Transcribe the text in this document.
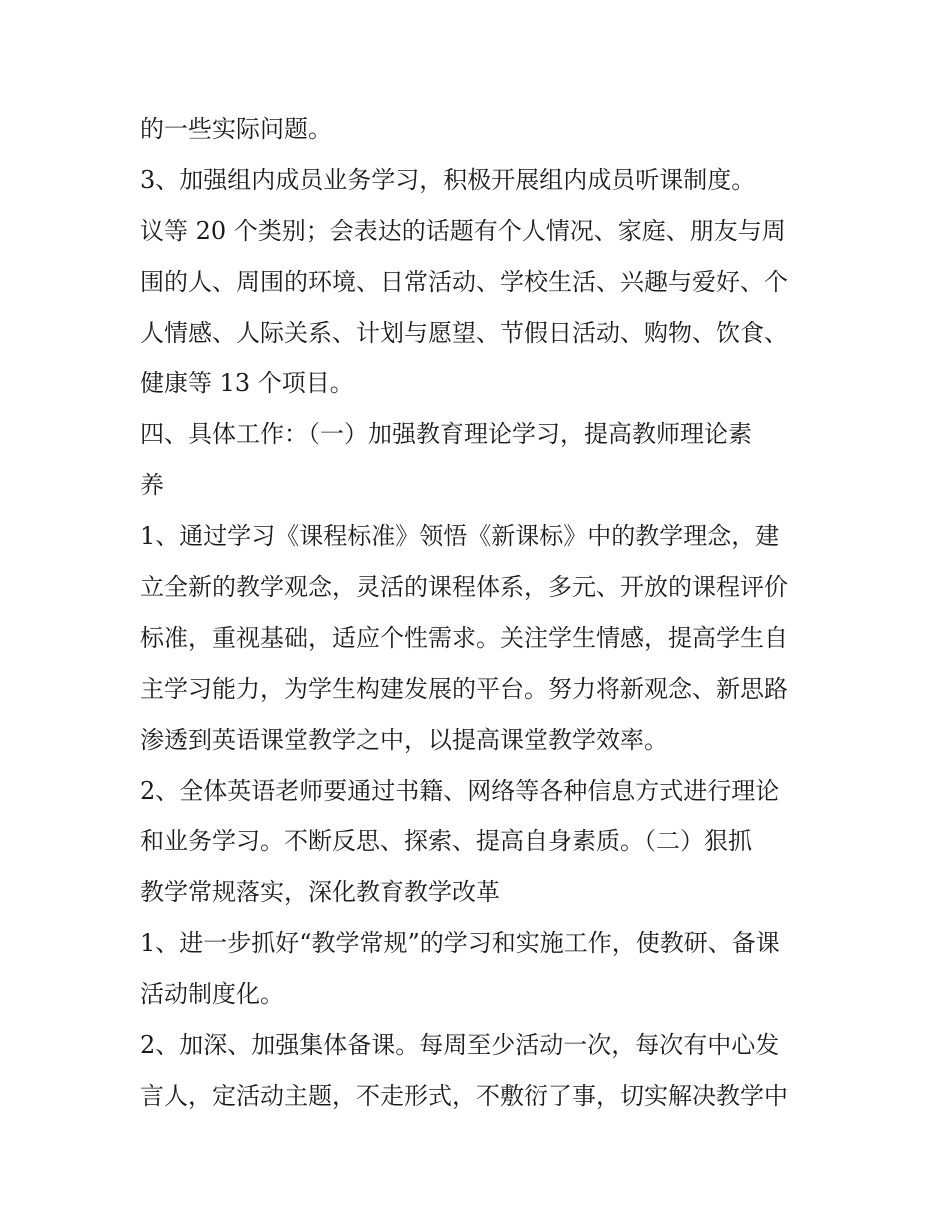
的一些实际问题。
3、加强组内成员业务学习，积极开展组内成员听课制度。
议等 20 个类别；会表达的话题有个人情况、家庭、朋友与周
围的人、周围的环境、日常活动、学校生活、兴趣与爱好、个
人情感、人际关系、计划与愿望、节假日活动、购物、饮食、
健康等 13 个项目。
四、具体工作：（一）加强教育理论学习，提高教师理论素
养
1、通过学习《课程标准》领悟《新课标》中的教学理念，建
立全新的教学观念，灵活的课程体系，多元、开放的课程评价
标准，重视基础，适应个性需求。关注学生情感，提高学生自
主学习能力，为学生构建发展的平台。努力将新观念、新思路
渗透到英语课堂教学之中，以提高课堂教学效率。
2、全体英语老师要通过书籍、网络等各种信息方式进行理论
和业务学习。不断反思、探索、提高自身素质。（二）狠抓
教学常规落实，深化教育教学改革
1、进一步抓好“教学常规”的学习和实施工作，使教研、备课
活动制度化。
2、加深、加强集体备课。每周至少活动一次，每次有中心发
言人，定活动主题，不走形式，不敷衍了事，切实解决教学中
